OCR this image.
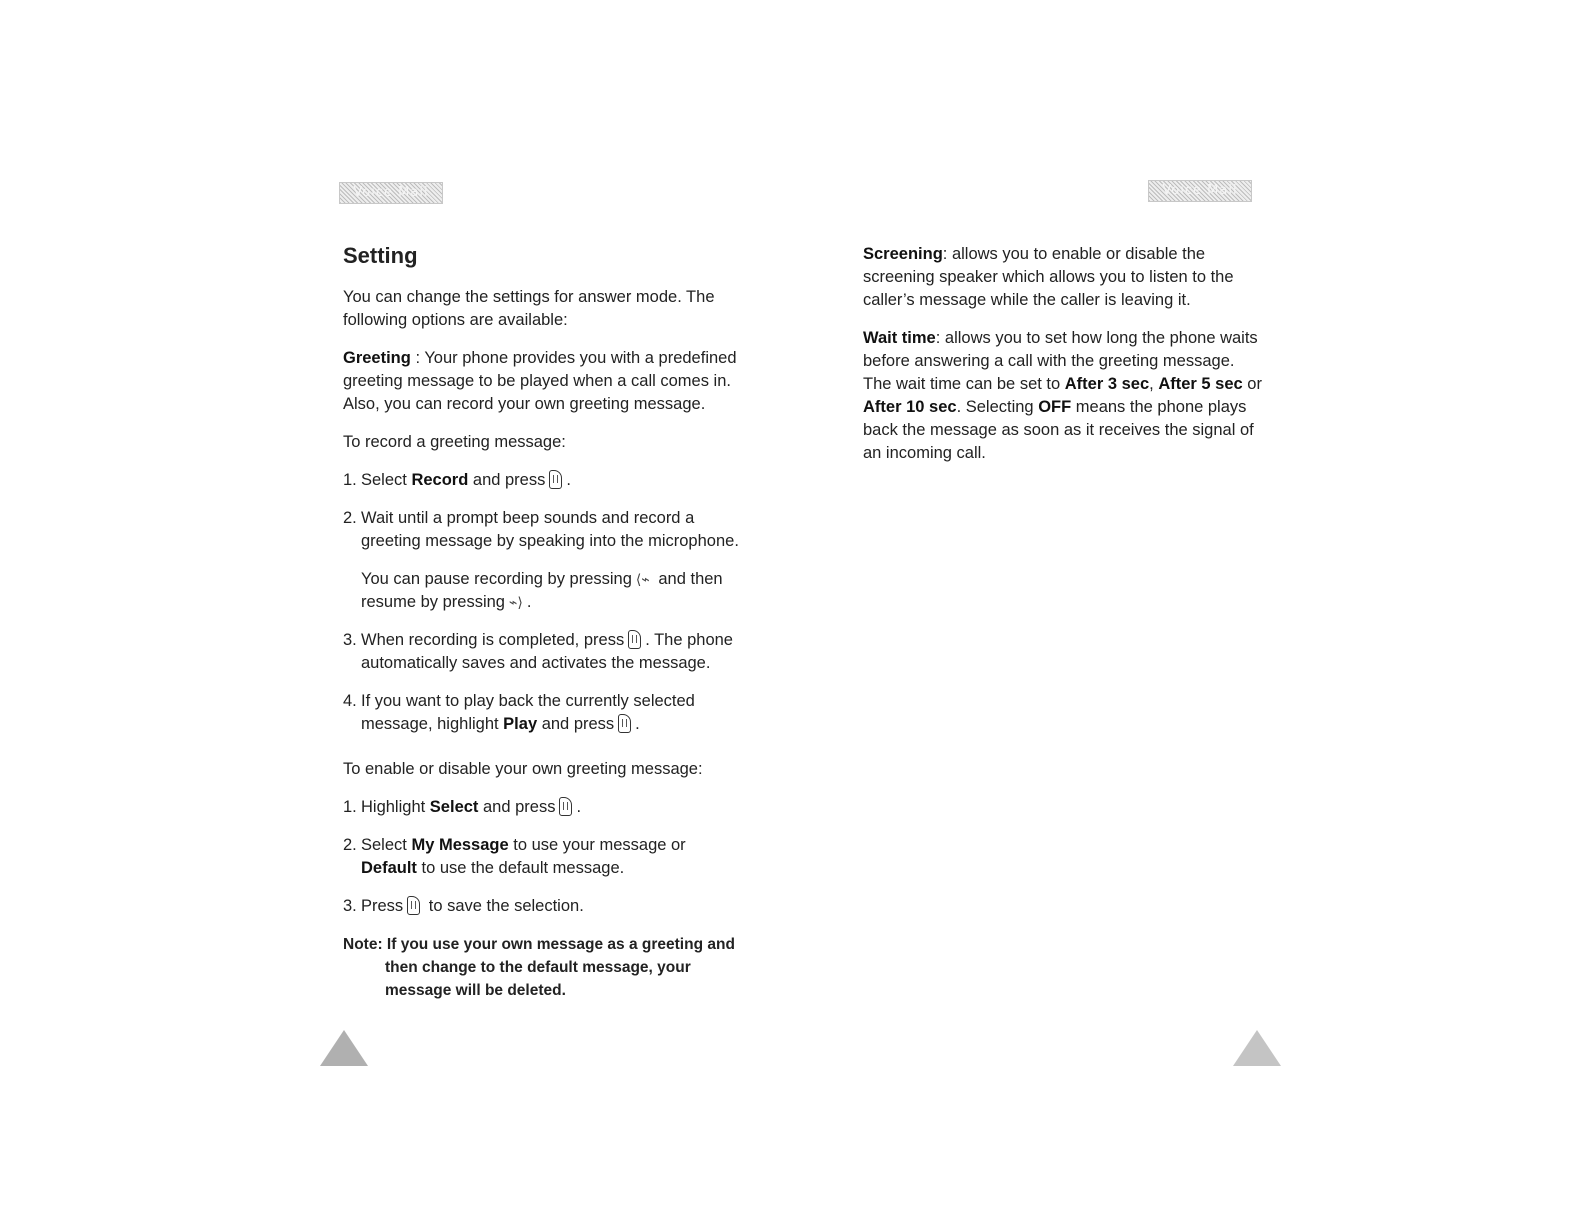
Voice Mail
Setting

You can change the settings for answer mode. The following options are available:

Greeting : Your phone provides you with a predefined greeting message to be played when a call comes in. Also, you can record your own greeting message.

To record a greeting message:

1. Select Record and press .
2. Wait until a prompt beep sounds and record a greeting message by speaking into the microphone.

You can pause recording by pressing ⟨⌁ and then resume by pressing ⌁⟩ .

3. When recording is completed, press . The phone automatically saves and activates the message.
4. If you want to play back the currently selected message, highlight Play and press .

To enable or disable your own greeting message:

1. Highlight Select and press .
2. Select My Message to use your message or Default to use the default message.
3. Press to save the selection.
Note: If you use your own message as a greeting and
then change to the default message, your message will be deleted.
Voice Mail

Screening: allows you to enable or disable the screening speaker which allows you to listen to the caller’s message while the caller is leaving it.

Wait time: allows you to set how long the phone waits before answering a call with the greeting message. The wait time can be set to After 3 sec, After 5 sec or After 10 sec. Selecting OFF means the phone plays back the message as soon as it receives the signal of an incoming call.
